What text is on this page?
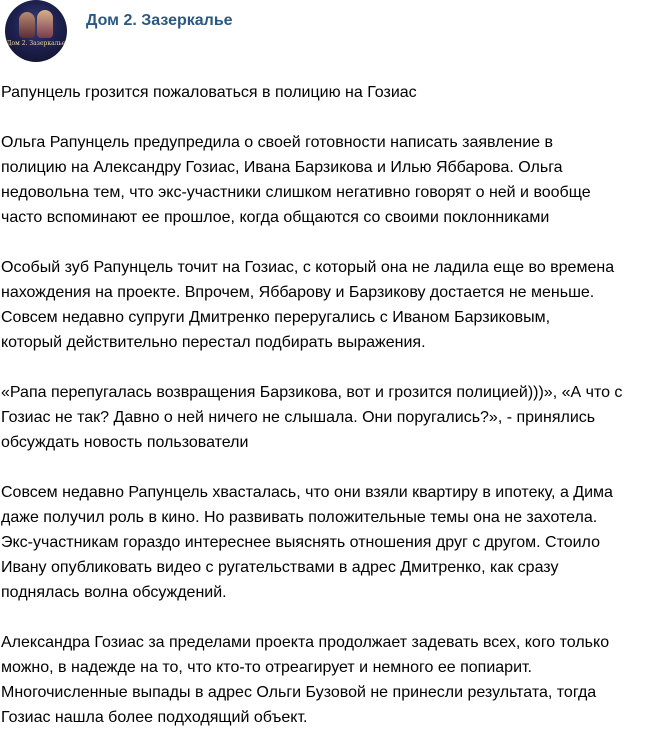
Дом 2. Зазеркалье
Дом 2. Зазеркалье

Рапунцель грозится пожаловаться в полицию на Гозиас

Ольга Рапунцель предупредила о своей готовности написать заявление в
полицию на Александру Гозиас, Ивана Барзикова и Илью Яббарова. Ольга
недовольна тем, что экс-участники слишком негативно говорят о ней и вообще
часто вспоминают ее прошлое, когда общаются со своими поклонниками

Особый зуб Рапунцель точит на Гозиас, с который она не ладила еще во времена
нахождения на проекте. Впрочем, Яббарову и Барзикову достается не меньше.
Совсем недавно супруги Дмитренко переругались с Иваном Барзиковым,
который действительно перестал подбирать выражения.

«Рапа перепугалась возвращения Барзикова, вот и грозится полицией)))», «А что с
Гозиас не так? Давно о ней ничего не слышала. Они поругались?», - принялись
обсуждать новость пользователи

Совсем недавно Рапунцель хвасталась, что они взяли квартиру в ипотеку, а Дима
даже получил роль в кино. Но развивать положительные темы она не захотела.
Экс-участникам гораздо интереснее выяснять отношения друг с другом. Стоило
Ивану опубликовать видео с ругательствами в адрес Дмитренко, как сразу
поднялась волна обсуждений.

Александра Гозиас за пределами проекта продолжает задевать всех, кого только
можно, в надежде на то, что кто-то отреагирует и немного ее попиарит.
Многочисленные выпады в адрес Ольги Бузовой не принесли результата, тогда
Гозиас нашла более подходящий объект.
